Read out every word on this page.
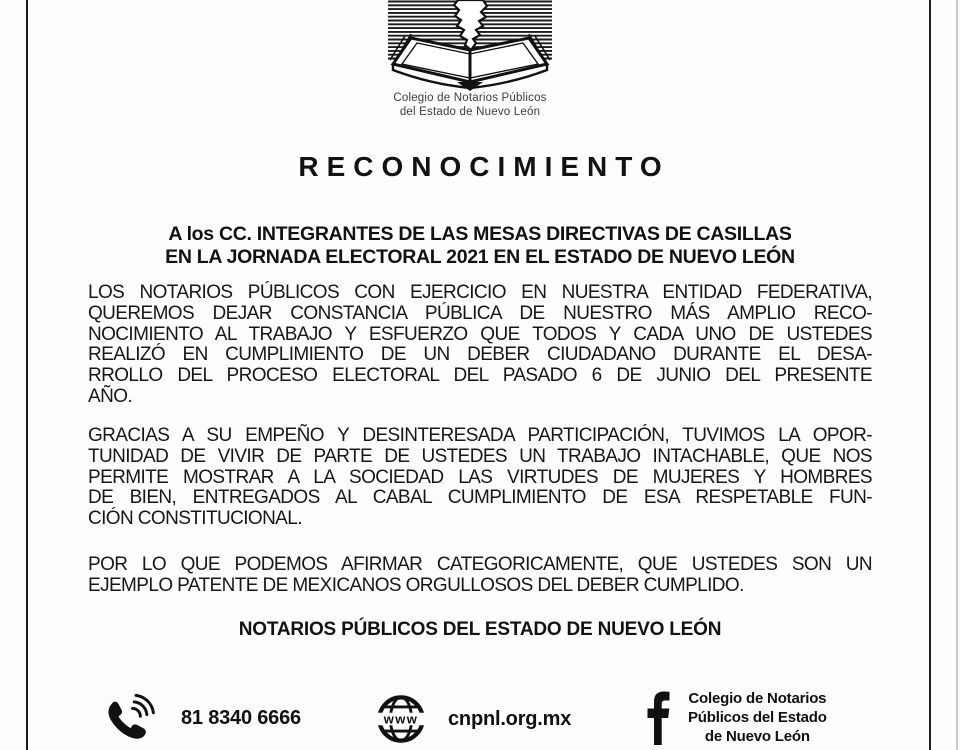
Colegio de Notarios Públicos
del Estado de Nuevo León
RECONOCIMIENTO
A los CC. INTEGRANTES DE LAS MESAS DIRECTIVAS DE CASILLAS
EN LA JORNADA ELECTORAL 2021 EN EL ESTADO DE NUEVO LEÓN
LOS NOTARIOS PÚBLICOS CON EJERCICIO EN NUESTRA ENTIDAD FEDERATIVA,
QUEREMOS DEJAR CONSTANCIA PÚBLICA DE NUESTRO MÁS AMPLIO RECO-
NOCIMIENTO AL TRABAJO Y ESFUERZO QUE TODOS Y CADA UNO DE USTEDES
REALIZÓ EN CUMPLIMIENTO DE UN DEBER CIUDADANO DURANTE EL DESA-
RROLLO DEL PROCESO ELECTORAL DEL PASADO 6 DE JUNIO DEL PRESENTE
AÑO.
GRACIAS A SU EMPEÑO Y DESINTERESADA PARTICIPACIÓN, TUVIMOS LA OPOR-
TUNIDAD DE VIVIR DE PARTE DE USTEDES UN TRABAJO INTACHABLE, QUE NOS
PERMITE MOSTRAR A LA SOCIEDAD LAS VIRTUDES DE MUJERES Y HOMBRES
DE BIEN, ENTREGADOS AL CABAL CUMPLIMIENTO DE ESA RESPETABLE FUN-
CIÓN CONSTITUCIONAL.
POR LO QUE PODEMOS AFIRMAR CATEGORICAMENTE, QUE USTEDES SON UN
EJEMPLO PATENTE DE MEXICANOS ORGULLOSOS DEL DEBER CUMPLIDO.
NOTARIOS PÚBLICOS DEL ESTADO DE NUEVO LEÓN
81 8340 6666	www cnpnl.org.mx
Colegio de Notarios
Públicos del Estado
de Nuevo León
